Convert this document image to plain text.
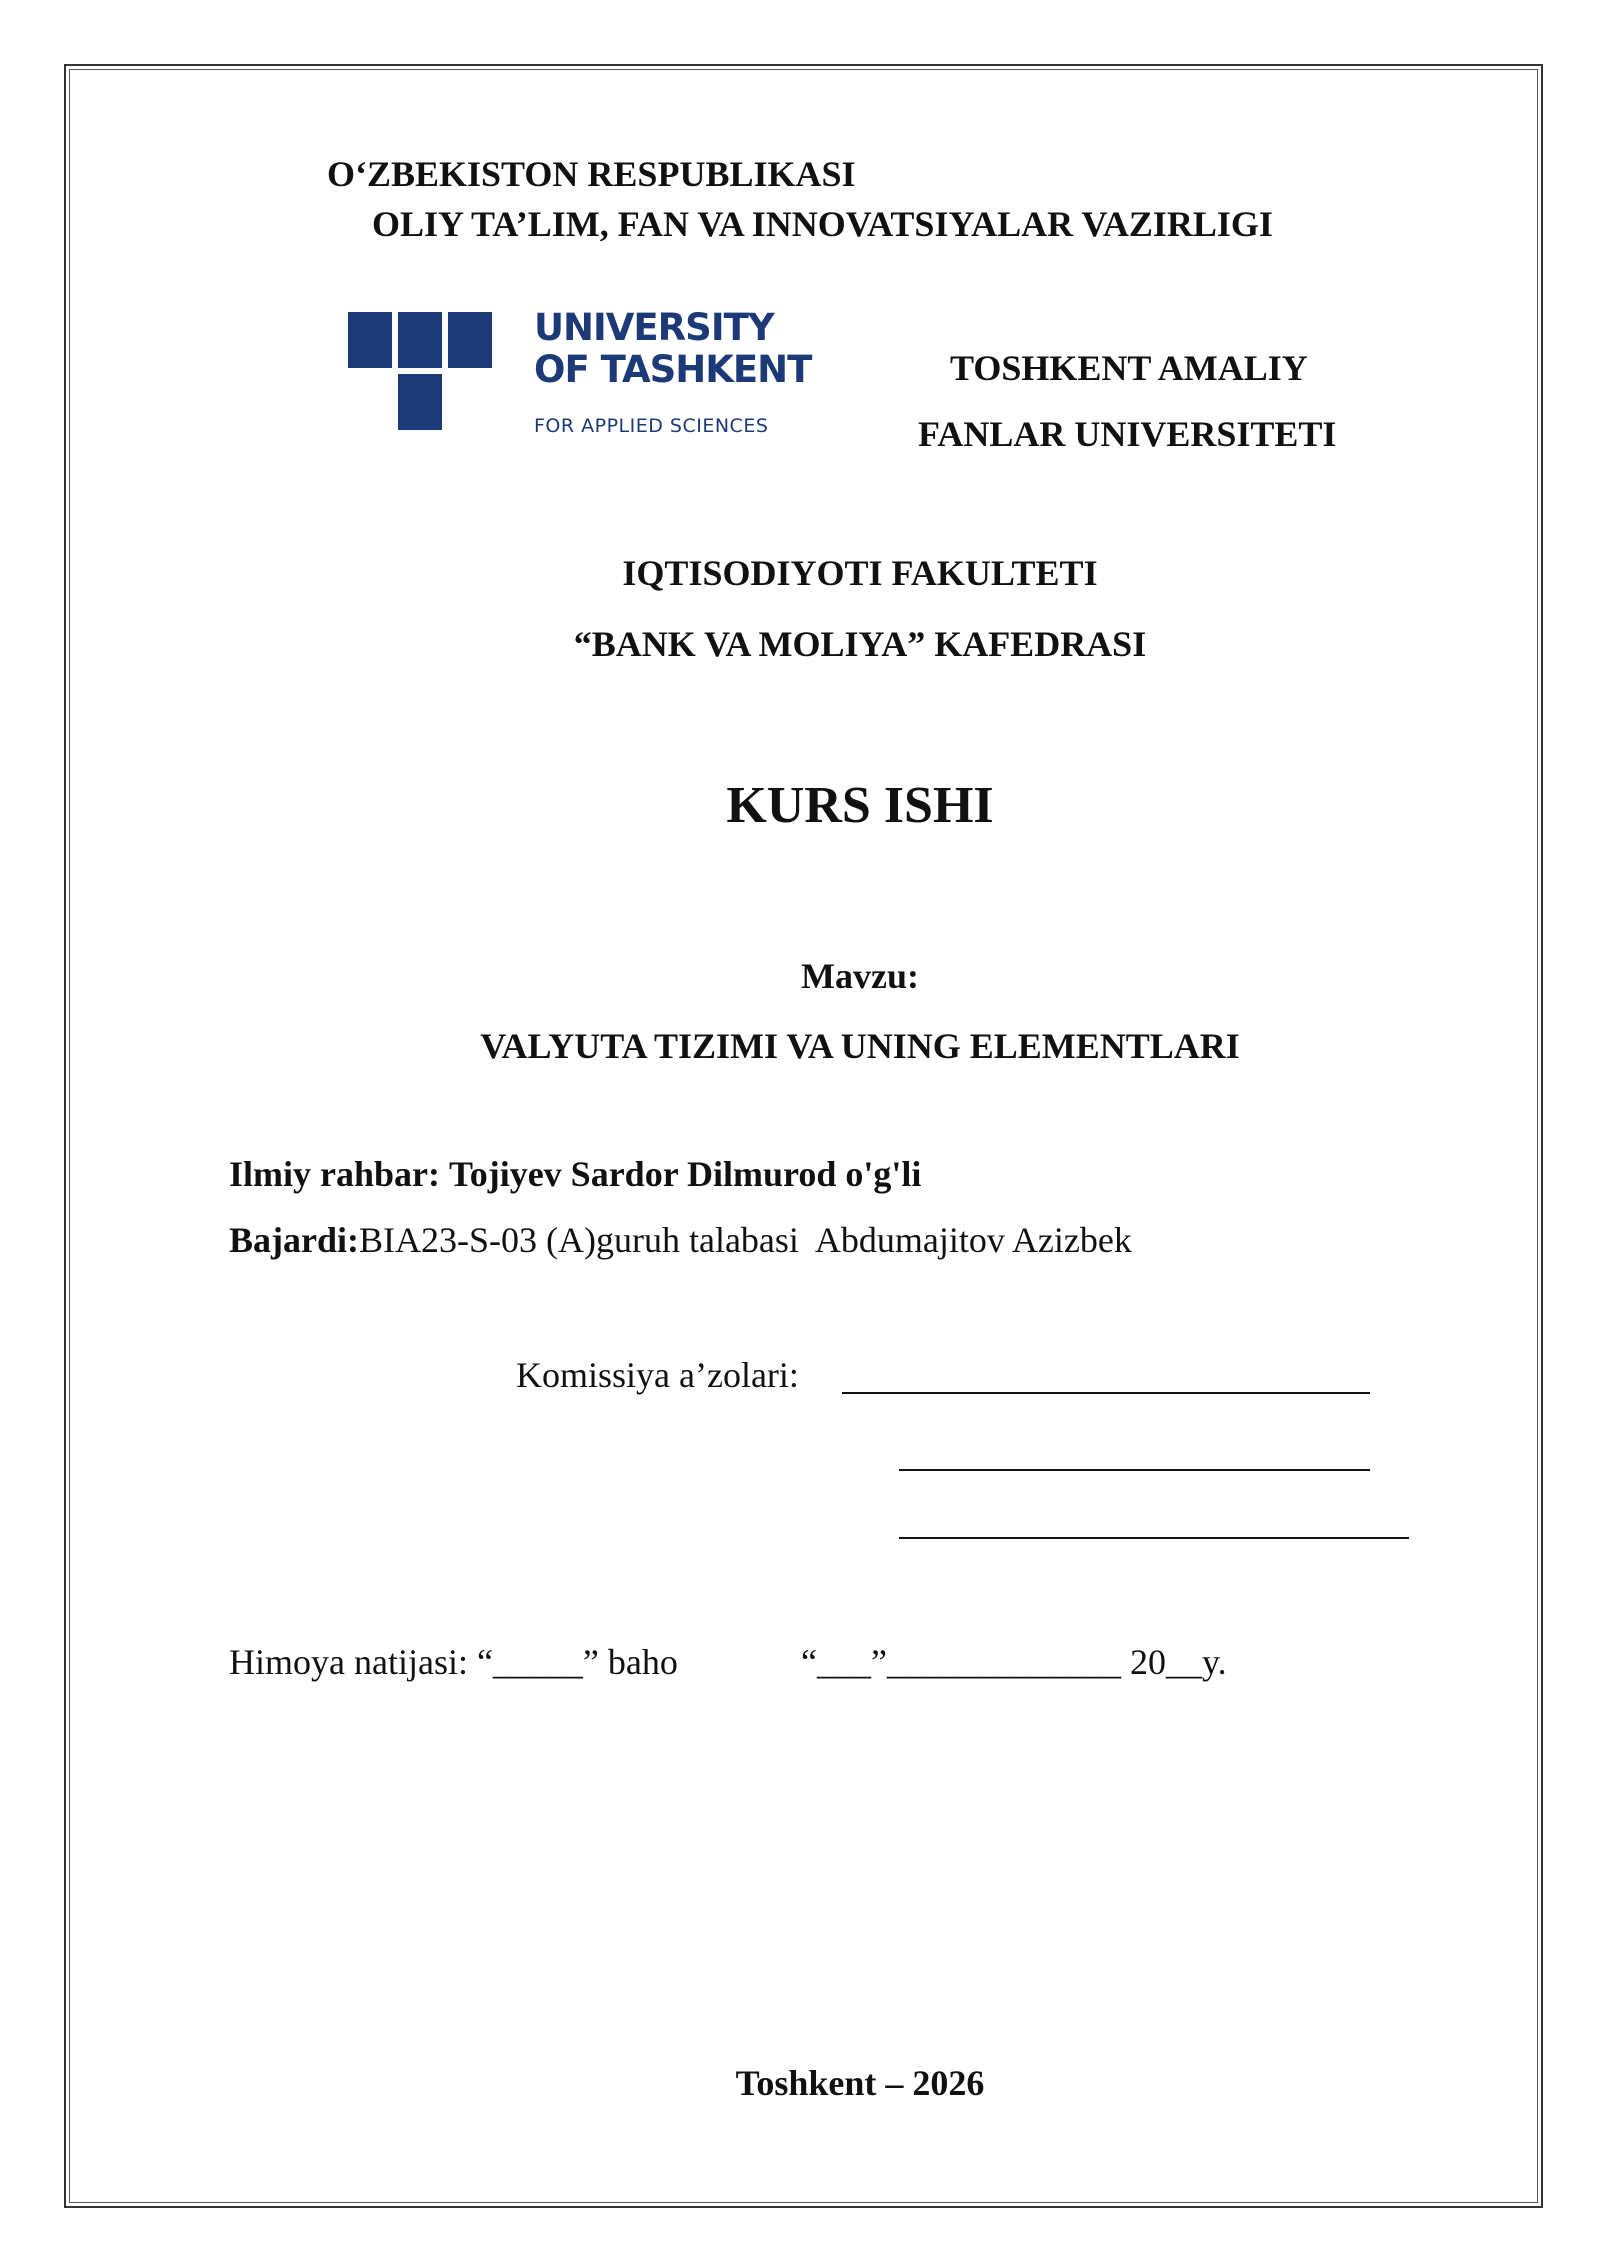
O‘ZBEKISTON RESPUBLIKASI
OLIY TA’LIM, FAN VA INNOVATSIYALAR VAZIRLIGI
UNIVERSITY
OF TASHKENT
FOR APPLIED SCIENCES
TOSHKENT AMALIY
FANLAR UNIVERSITETI
IQTISODIYOTI FAKULTETI
“BANK VA MOLIYA” KAFEDRASI
KURS ISHI
Mavzu:
VALYUTA TIZIMI VA UNING ELEMENTLARI
Ilmiy rahbar: Tojiyev Sardor Dilmurod o'g'li
Bajardi:BIA23-S-03 (A)guruh talabasi  Abdumajitov Azizbek
Komissiya a’zolari:
Himoya natijasi: “_____” baho	“___”_____________ 20__y.
Toshkent – 2026
